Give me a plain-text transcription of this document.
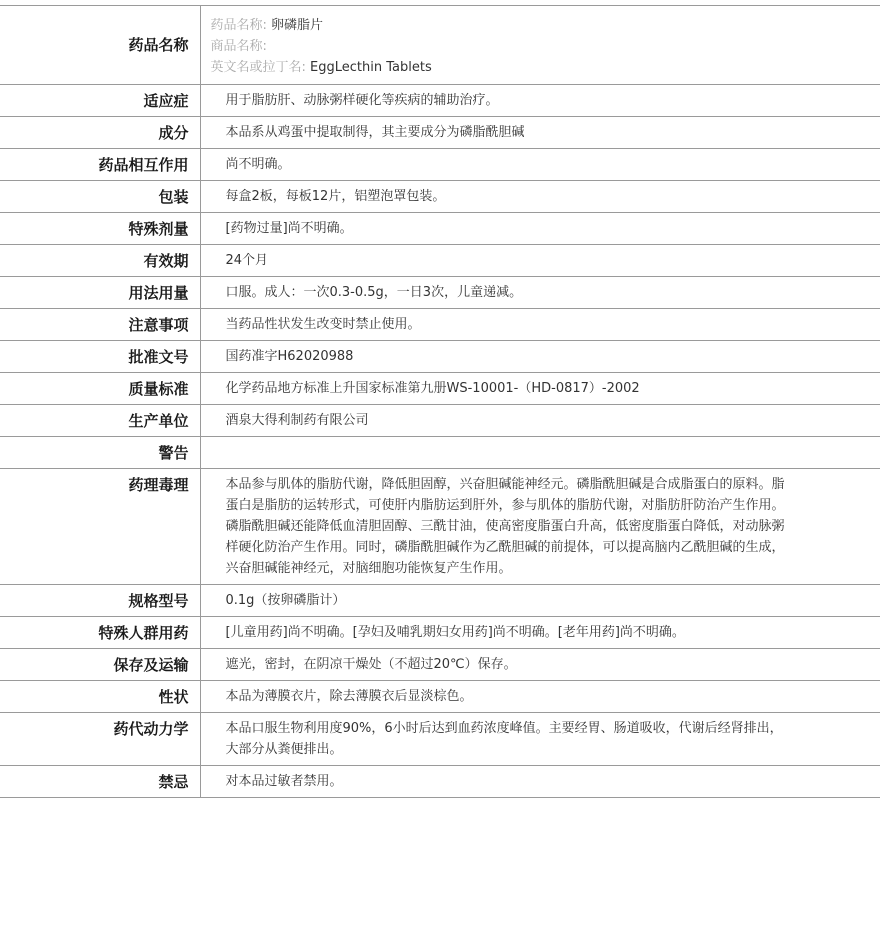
药品名称	药品名称: 卵磷脂片
商品名称:
英文名或拉丁名: EggLecthin Tablets

适应症	用于脂肪肝、动脉粥样硬化等疾病的辅助治疗。
成分	本品系从鸡蛋中提取制得，其主要成分为磷脂酰胆碱
药品相互作用	尚不明确。
包装	每盒2板，每板12片，铝塑泡罩包装。
特殊剂量	[药物过量]尚不明确。
有效期	24个月
用法用量	口服。成人：一次0.3-0.5g，一日3次，儿童递减。
注意事项	当药品性状发生改变时禁止使用。
批准文号	国药准字H62020988
质量标准	化学药品地方标准上升国家标准第九册WS-10001-（HD-0817）-2002
生产单位	酒泉大得利制药有限公司
警告	
药理毒理	本品参与肌体的脂肪代谢，降低胆固醇，兴奋胆碱能神经元。磷脂酰胆碱是合成脂蛋白的原料。脂蛋白是脂肪的运转形式，可使肝内脂肪运到肝外，参与肌体的脂肪代谢，对脂肪肝防治产生作用。磷脂酰胆碱还能降低血清胆固醇、三酰甘油，使高密度脂蛋白升高，低密度脂蛋白降低，对动脉粥样硬化防治产生作用。同时，磷脂酰胆碱作为乙酰胆碱的前提体，可以提高脑内乙酰胆碱的生成，兴奋胆碱能神经元，对脑细胞功能恢复产生作用。
规格型号	0.1g（按卵磷脂计）
特殊人群用药	[儿童用药]尚不明确。[孕妇及哺乳期妇女用药]尚不明确。[老年用药]尚不明确。
保存及运输	遮光，密封，在阴凉干燥处（不超过20℃）保存。
性状	本品为薄膜衣片，除去薄膜衣后显淡棕色。
药代动力学	本品口服生物利用度90%，6小时后达到血药浓度峰值。主要经胃、肠道吸收，代谢后经肾排出，大部分从粪便排出。
禁忌	对本品过敏者禁用。
